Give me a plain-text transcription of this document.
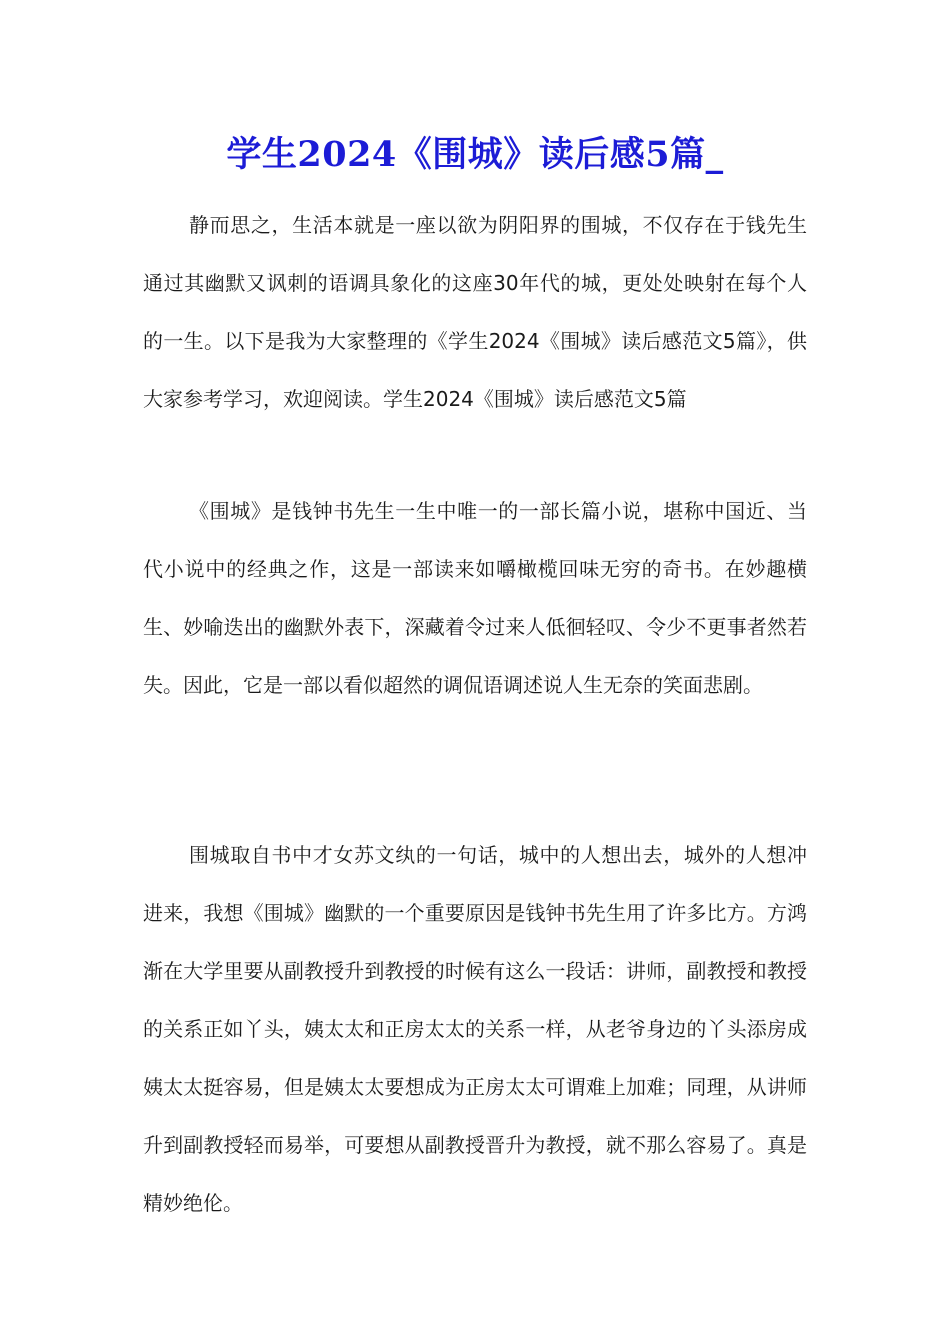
学生2024《围城》读后感5篇_

静而思之，生活本就是一座以欲为阴阳界的围城，不仅存在于钱先生通过其幽默又讽刺的语调具象化的这座30年代的城，更处处映射在每个人的一生。以下是我为大家整理的《学生2024《围城》读后感范文5篇》，供大家参考学习，欢迎阅读。学生2024《围城》读后感范文5篇

《围城》是钱钟书先生一生中唯一的一部长篇小说，堪称中国近、当代小说中的经典之作，这是一部读来如嚼橄榄回味无穷的奇书。在妙趣横生、妙喻迭出的幽默外表下，深藏着令过来人低徊轻叹、令少不更事者然若失。因此，它是一部以看似超然的调侃语调述说人生无奈的笑面悲剧。

围城取自书中才女苏文纨的一句话，城中的人想出去，城外的人想冲进来，我想《围城》幽默的一个重要原因是钱钟书先生用了许多比方。方鸿渐在大学里要从副教授升到教授的时候有这么一段话：讲师，副教授和教授的关系正如丫头，姨太太和正房太太的关系一样，从老爷身边的丫头添房成姨太太挺容易，但是姨太太要想成为正房太太可谓难上加难；同理，从讲师升到副教授轻而易举，可要想从副教授晋升为教授，就不那么容易了。真是精妙绝伦。
